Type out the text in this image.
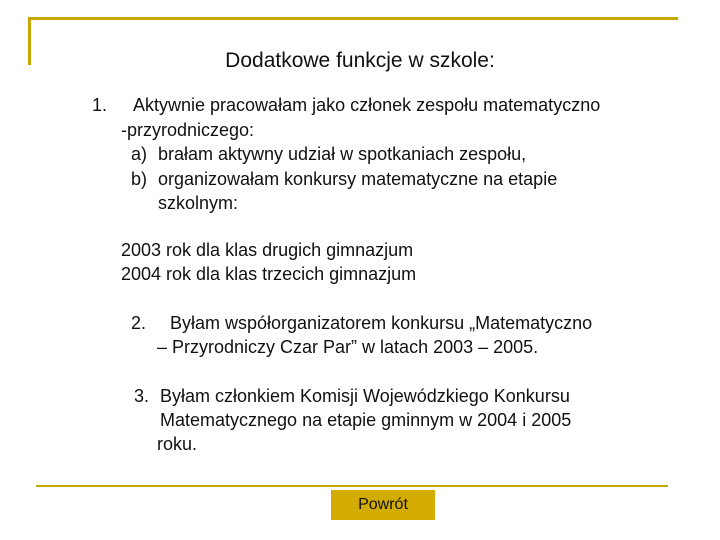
Dodatkowe funkcje w szkole:
1. Aktywnie pracowałam jako członek zespołu matematyczno
-przyrodniczego:
a) brałam aktywny udział w spotkaniach zespołu,
b) organizowałam konkursy matematyczne na etapie
szkolnym:
2003 rok dla klas drugich gimnazjum
2004 rok dla klas trzecich gimnazjum
2. Byłam współorganizatorem konkursu „Matematyczno
– Przyrodniczy Czar Par” w latach 2003 – 2005.
3. Byłam członkiem Komisji Wojewódzkiego Konkursu
Matematycznego na etapie gminnym w 2004 i 2005
roku.
Powrót
